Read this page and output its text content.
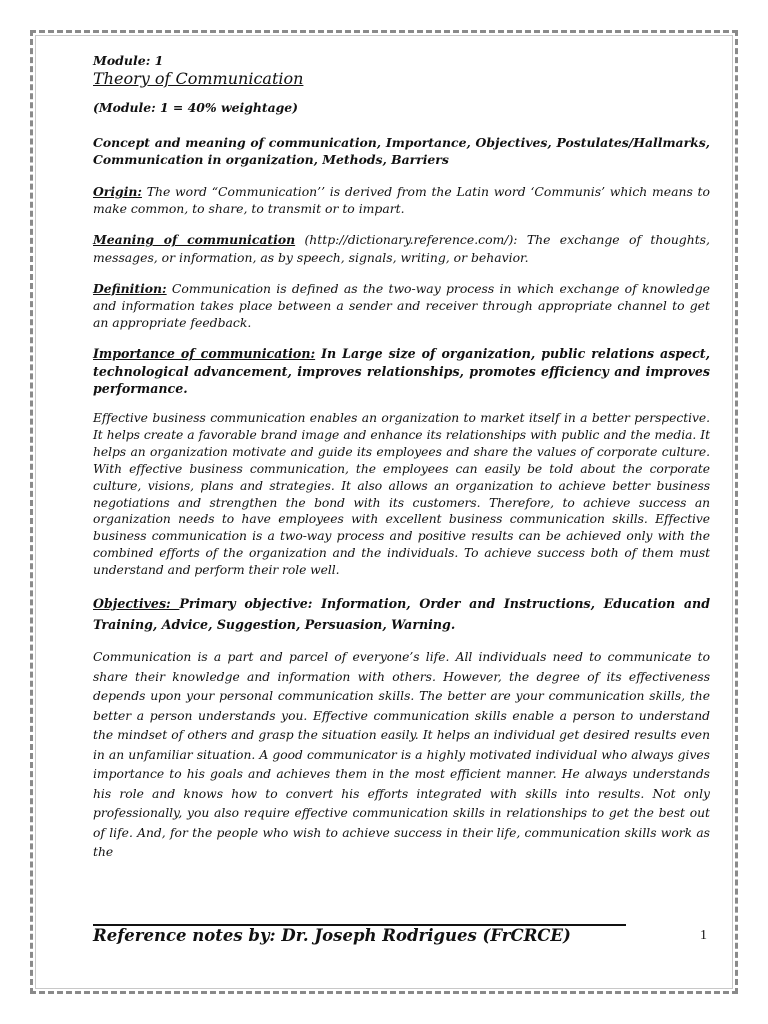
Module: 1

Theory of Communication

(Module: 1 = 40% weightage)

Concept and meaning of communication, Importance, Objectives, Postulates/Hallmarks, Communication in organization, Methods, Barriers

Origin: The word “Communication’’ is derived from the Latin word ‘Communis’ which means to make common, to share, to transmit or to impart.

Meaning of communication (http://dictionary.reference.com/): The exchange of thoughts, messages, or information, as by speech, signals, writing, or behavior.

Definition: Communication is defined as the two-way process in which exchange of knowledge and information takes place between a sender and receiver through appropriate channel to get an appropriate feedback.

Importance of communication: In Large size of organization, public relations aspect, technological advancement, improves relationships, promotes efficiency and improves performance.

Effective business communication enables an organization to market itself in a better perspective. It helps create a favorable brand image and enhance its relationships with public and the media. It helps an organization motivate and guide its employees and share the values of corporate culture. With effective business communication, the employees can easily be told about the corporate culture, visions, plans and strategies. It also allows an organization to achieve better business negotiations and strengthen the bond with its customers. Therefore, to achieve success an organization needs to have employees with excellent business communication skills. Effective business communication is a two-way process and positive results can be achieved only with the combined efforts of the organization and the individuals. To achieve success both of them must understand and perform their role well.

Objectives: Primary objective: Information, Order and Instructions, Education and Training, Advice, Suggestion, Persuasion, Warning.

Communication is a part and parcel of everyone’s life. All individuals need to communicate to share their knowledge and information with others. However, the degree of its effectiveness depends upon your personal communication skills. The better are your communication skills, the better a person understands you. Effective communication skills enable a person to understand the mindset of others and grasp the situation easily. It helps an individual get desired results even in an unfamiliar situation. A good communicator is a highly motivated individual who always gives importance to his goals and achieves them in the most efficient manner. He always understands his role and knows how to convert his efforts integrated with skills into results. Not only professionally, you also require effective communication skills in relationships to get the best out of life. And, for the people who wish to achieve success in their life, communication skills work as the

Reference notes by: Dr. Joseph Rodrigues (FrCRCE)	1
